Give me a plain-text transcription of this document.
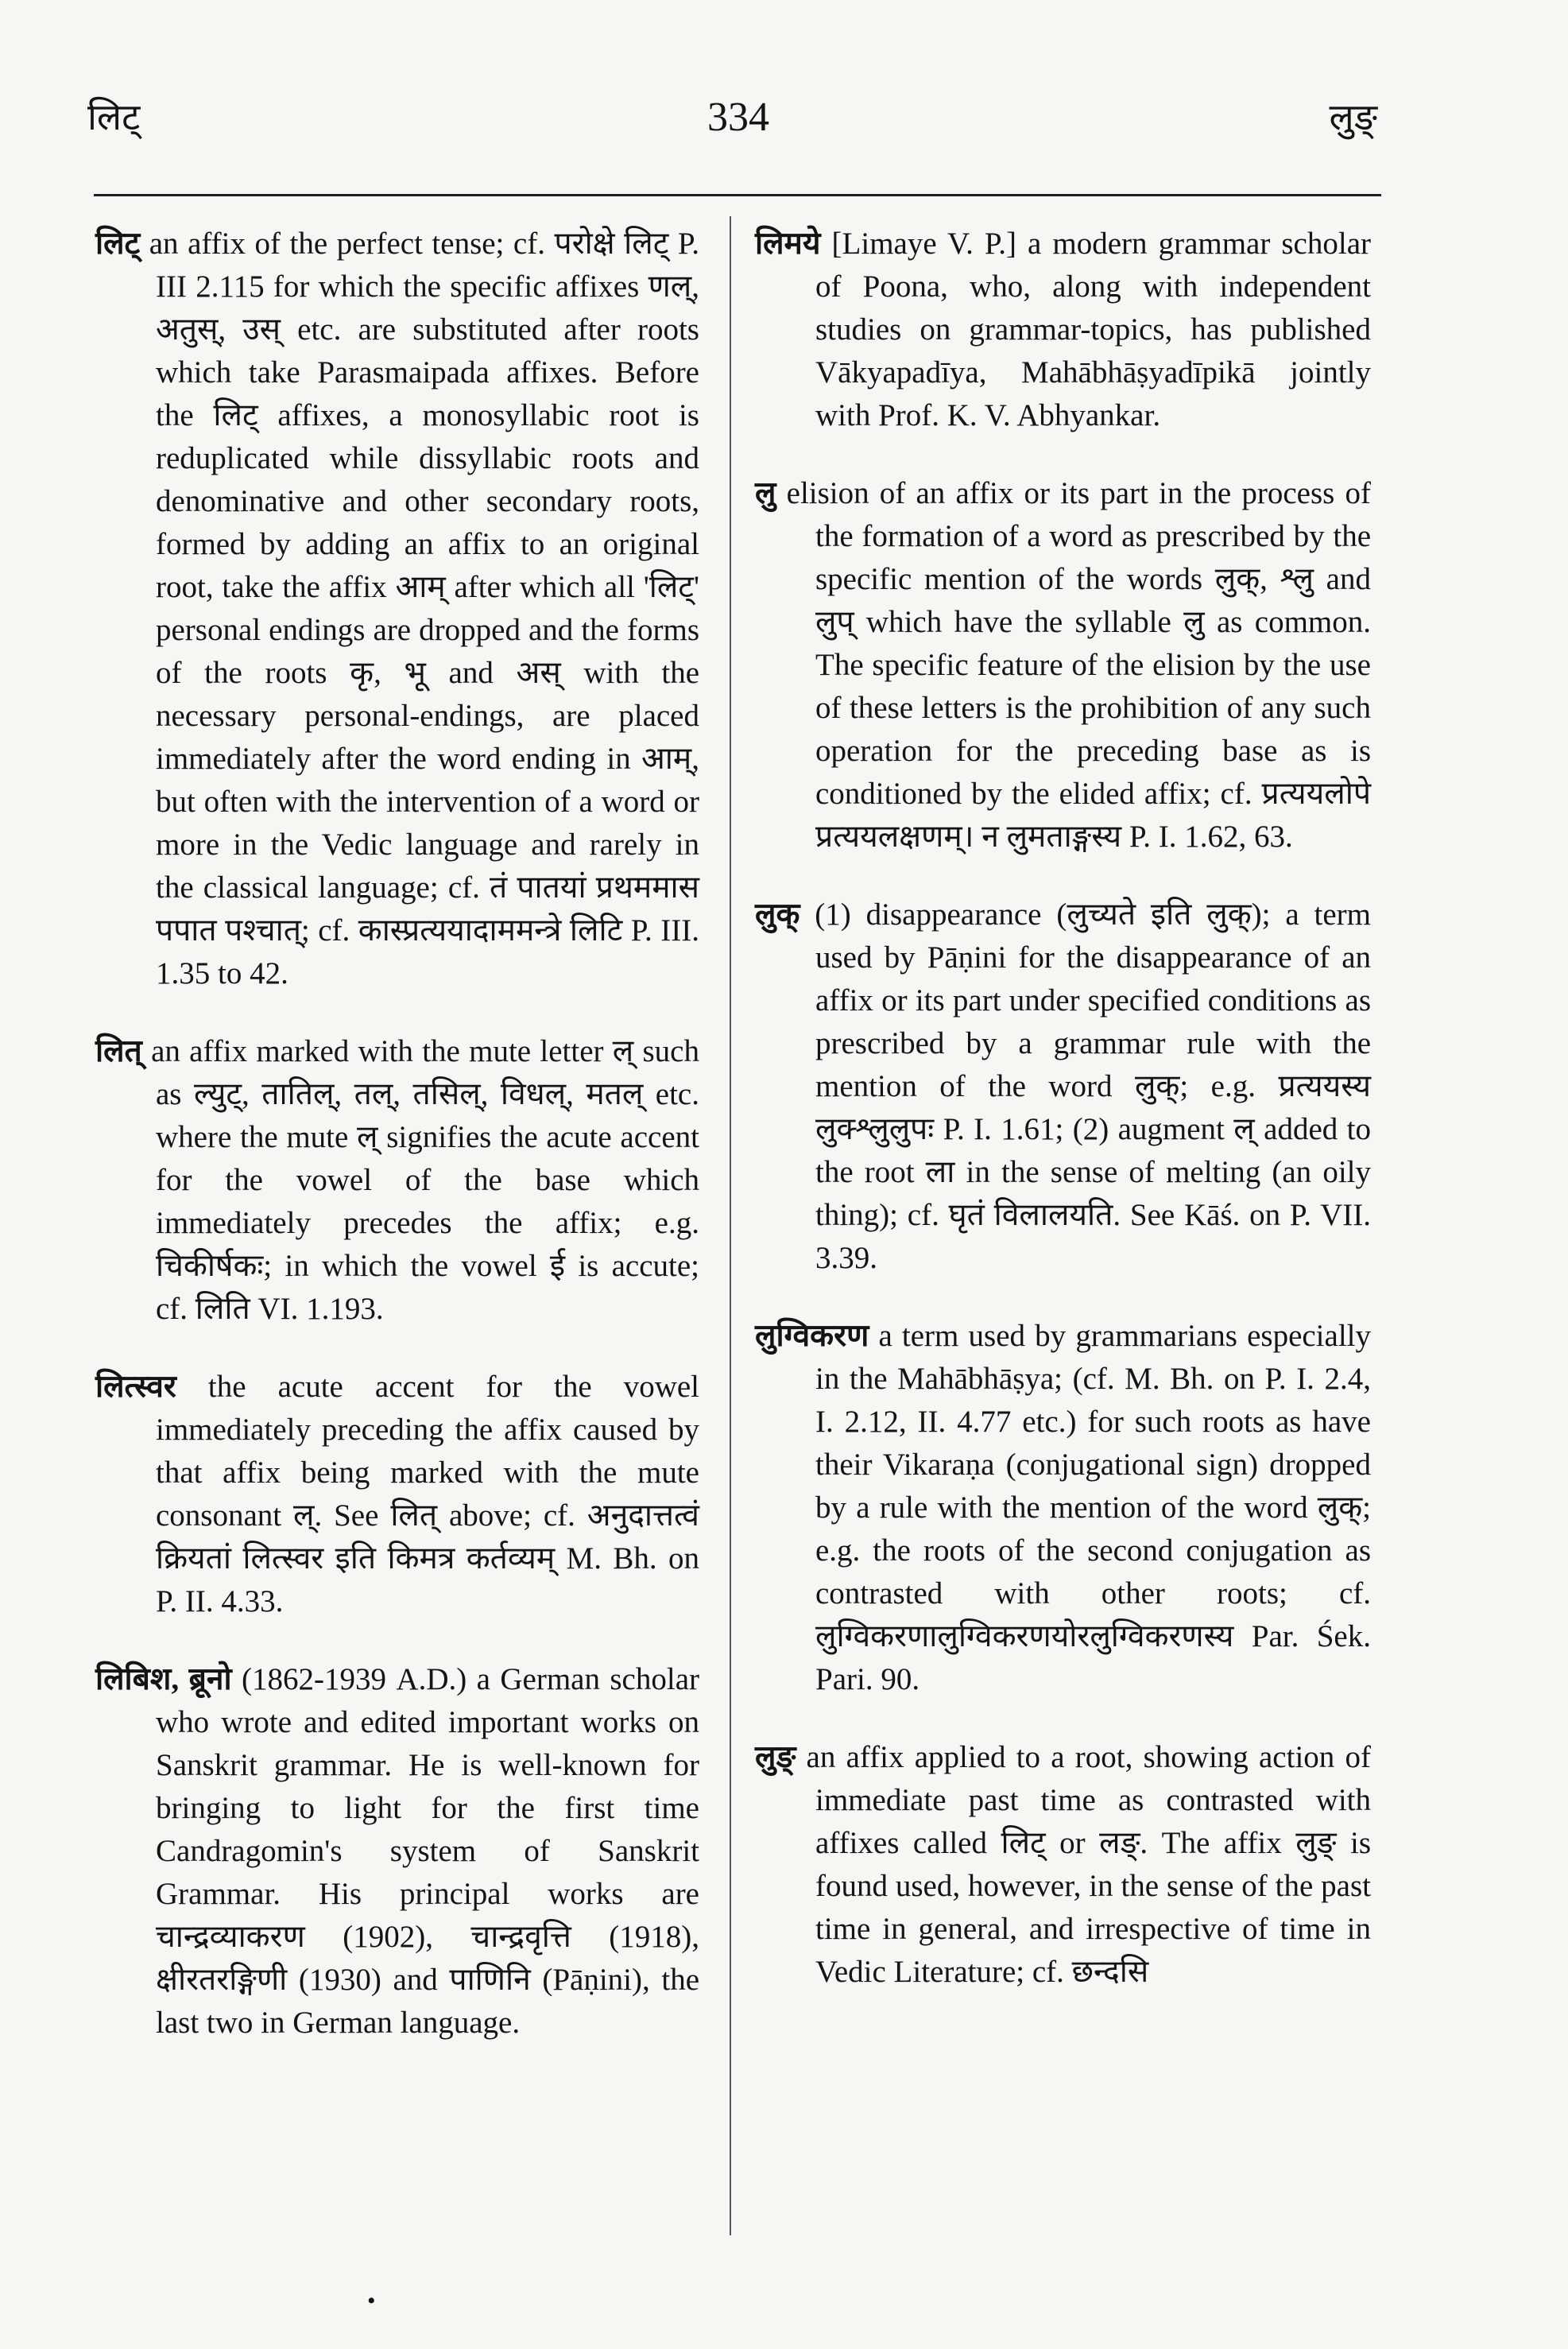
लिट्	334	लुङ्

लिट् an affix of the perfect tense; cf. परोक्षे लिट् P. III 2.115 for which the specific affixes णल्, अतुस्, उस् etc. are substituted after roots which take Parasmaipada affixes. Before the लिट् affixes, a monosyllabic root is reduplicated while dissyllabic roots and denominative and other secondary roots, formed by adding an affix to an original root, take the affix आम् after which all 'लिट्' personal endings are dropped and the forms of the roots कृ, भू and अस् with the necessary personal-endings, are placed immediately after the word ending in आम्, but often with the intervention of a word or more in the Vedic language and rarely in the classical language; cf. तं पातयां प्रथममास पपात पश्चात्; cf. कास्प्रत्ययादाममन्त्रे लिटि P. III. 1.35 to 42.

लित् an affix marked with the mute letter ल् such as ल्युट्, तातिल्, तल्, तसिल्, विधल्, मतल् etc. where the mute ल् signifies the acute accent for the vowel of the base which immediately precedes the affix; e.g. चिकीर्षकः; in which the vowel ई is accute; cf. लिति VI. 1.193.

लित्स्वर the acute accent for the vowel immediately preceding the affix caused by that affix being marked with the mute consonant ल्. See लित् above; cf. अनुदात्तत्वं क्रियतां लित्स्वर इति किमत्र कर्तव्यम् M. Bh. on P. II. 4.33.

लिबिश, ब्रूनो (1862-1939 A.D.) a German scholar who wrote and edited important works on Sanskrit grammar. He is well-known for bringing to light for the first time Candragomin's system of Sanskrit Grammar. His principal works are चान्द्रव्याकरण (1902), चान्द्रवृत्ति (1918), क्षीरतरङ्गिणी (1930) and पाणिनि (Pāṇini), the last two in German language.

लिमये [Limaye V. P.] a modern grammar scholar of Poona, who, along with independent studies on grammar-topics, has published Vākyapadīya, Mahābhāṣyadīpikā jointly with Prof. K. V. Abhyankar.

लु elision of an affix or its part in the process of the formation of a word as prescribed by the specific mention of the words लुक्, श्लु and लुप् which have the syllable लु as common. The specific feature of the elision by the use of these letters is the prohibition of any such operation for the preceding base as is conditioned by the elided affix; cf. प्रत्ययलोपे प्रत्ययलक्षणम्। न लुमताङ्गस्य P. I. 1.62, 63.

लुक् (1) disappearance (लुच्यते इति लुक्); a term used by Pāṇini for the disappearance of an affix or its part under specified conditions as prescribed by a grammar rule with the mention of the word लुक्; e.g. प्रत्ययस्य लुक्श्लुलुपः P. I. 1.61; (2) augment ल् added to the root ला in the sense of melting (an oily thing); cf. घृतं विलालयति. See Kāś. on P. VII. 3.39.

लुग्विकरण a term used by grammarians especially in the Mahābhāṣya; (cf. M. Bh. on P. I. 2.4, I. 2.12, II. 4.77 etc.) for such roots as have their Vikaraṇa (conjugational sign) dropped by a rule with the mention of the word लुक्; e.g. the roots of the second conjugation as contrasted with other roots; cf. लुग्विकरणालुग्विकरणयोरलुग्विकरणस्य Par. Śek. Pari. 90.

लुङ् an affix applied to a root, showing action of immediate past time as contrasted with affixes called लिट् or लङ्. The affix लुङ् is found used, however, in the sense of the past time in general, and irrespective of time in Vedic Literature; cf. छन्दसि

•
